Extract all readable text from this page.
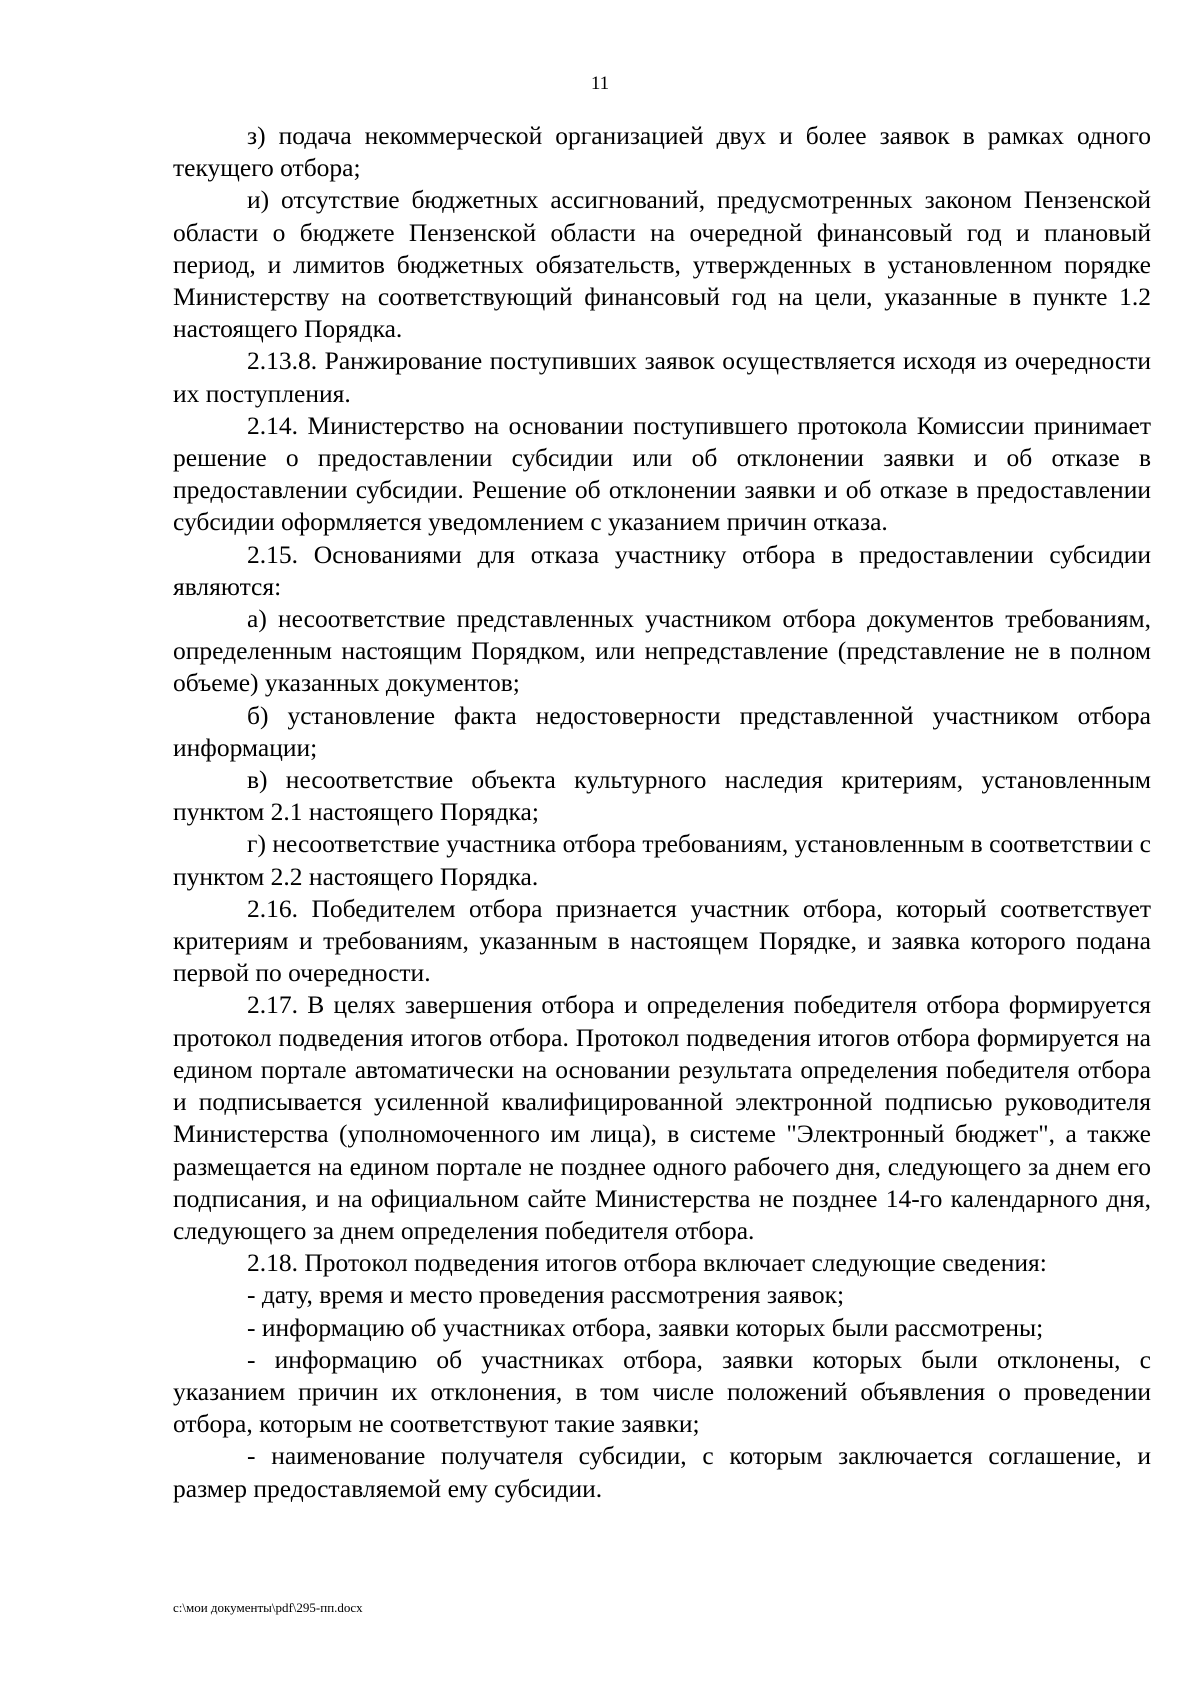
11

з) подача некоммерческой организацией двух и более заявок в рамках одного текущего отбора;

и) отсутствие бюджетных ассигнований, предусмотренных законом Пензенской области о бюджете Пензенской области на очередной финансовый год и плановый период, и лимитов бюджетных обязательств, утвержденных в установленном порядке Министерству на соответствующий финансовый год на цели, указанные в пункте 1.2 настоящего Порядка.

2.13.8. Ранжирование поступивших заявок осуществляется исходя из очередности их поступления.

2.14. Министерство на основании поступившего протокола Комиссии принимает решение о предоставлении субсидии или об отклонении заявки и об отказе в предоставлении субсидии. Решение об отклонении заявки и об отказе в предоставлении субсидии оформляется уведомлением с указанием причин отказа.

2.15. Основаниями для отказа участнику отбора в предоставлении субсидии являются:

а) несоответствие представленных участником отбора документов требованиям, определенным настоящим Порядком, или непредставление (представление не в полном объеме) указанных документов;

б) установление факта недостоверности представленной участником отбора информации;

в) несоответствие объекта культурного наследия критериям, установленным пунктом 2.1 настоящего Порядка;

г) несоответствие участника отбора требованиям, установленным в соответствии с пунктом 2.2 настоящего Порядка.

2.16. Победителем отбора признается участник отбора, который соответствует критериям и требованиям, указанным в настоящем Порядке, и заявка которого подана первой по очередности.

2.17. В целях завершения отбора и определения победителя отбора формируется протокол подведения итогов отбора. Протокол подведения итогов отбора формируется на едином портале автоматически на основании результата определения победителя отбора и подписывается усиленной квалифицированной электронной подписью руководителя Министерства (уполномоченного им лица), в системе "Электронный бюджет", а также размещается на едином портале не позднее одного рабочего дня, следующего за днем его подписания, и на официальном сайте Министерства не позднее 14-го календарного дня, следующего за днем определения победителя отбора.

2.18. Протокол подведения итогов отбора включает следующие сведения:

- дату, время и место проведения рассмотрения заявок;

- информацию об участниках отбора, заявки которых были рассмотрены;

- информацию об участниках отбора, заявки которых были отклонены, с указанием причин их отклонения, в том числе положений объявления о проведении отбора, которым не соответствуют такие заявки;

- наименование получателя субсидии, с которым заключается соглашение, и размер предоставляемой ему субсидии.

c:\мои документы\pdf\295-пп.docx
